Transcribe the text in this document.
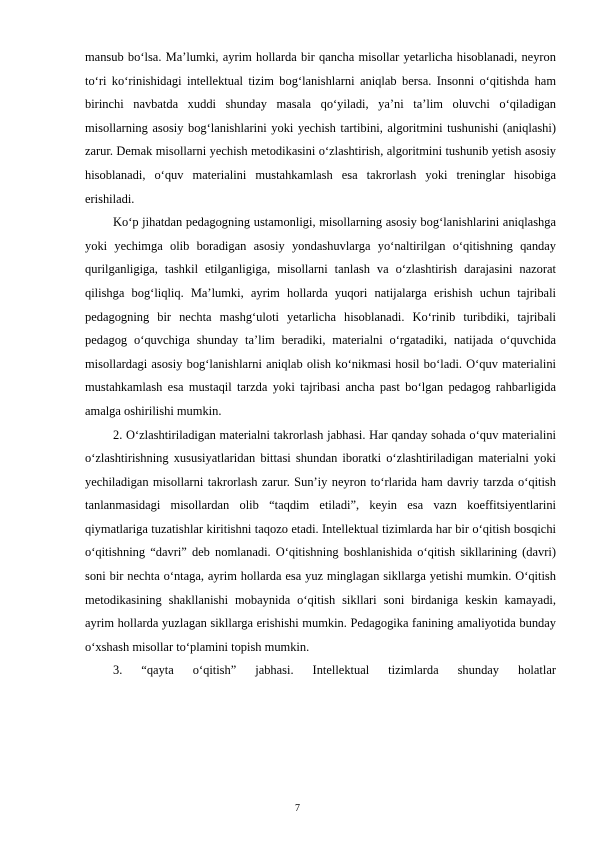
mansub bo‘lsa. Ma’lumki, ayrim hollarda bir qancha misollar yetarlicha hisoblanadi, neyron to‘ri ko‘rinishidagi intellektual tizim bog‘lanishlarni aniqlab bersa. Insonni o‘qitishda ham birinchi navbatda xuddi shunday masala qo‘yiladi, ya’ni ta’lim oluvchi o‘qiladigan misollarning asosiy bog‘lanishlarini yoki yechish tartibini, algoritmini tushunishi (aniqlashi) zarur. Demak misollarni yechish metodikasini o‘zlashtirish, algoritmini tushunib yetish asosiy hisoblanadi, o‘quv materialini mustahkamlash esa takrorlash yoki treninglar hisobiga erishiladi.

Ko‘p jihatdan pedagogning ustamonligi, misollarning asosiy bog‘lanishlarini aniqlashga yoki yechimga olib boradigan asosiy yondashuvlarga yo‘naltirilgan o‘qitishning qanday qurilganligiga, tashkil etilganligiga, misollarni tanlash va o‘zlashtirish darajasini nazorat qilishga bog‘liqliq. Ma’lumki, ayrim hollarda yuqori natijalarga erishish uchun tajribali pedagogning bir nechta mashg‘uloti yetarlicha hisoblanadi. Ko‘rinib turibdiki, tajribali pedagog o‘quvchiga shunday ta’lim beradiki, materialni o‘rgatadiki, natijada o‘quvchida misollardagi asosiy bog‘lanishlarni aniqlab olish ko‘nikmasi hosil bo‘ladi. O‘quv materialini mustahkamlash esa mustaqil tarzda yoki tajribasi ancha past bo‘lgan pedagog rahbarligida amalga oshirilishi mumkin.

2. O‘zlashtiriladigan materialni takrorlash jabhasi. Har qanday sohada o‘quv materialini o‘zlashtirishning xususiyatlaridan bittasi shundan iboratki o‘zlashtiriladigan materialni yoki yechiladigan misollarni takrorlash zarur. Sun’iy neyron to‘rlarida ham davriy tarzda o‘qitish tanlanmasidagi misollardan olib “taqdim etiladi”, keyin esa vazn koeffitsiyentlarini qiymatlariga tuzatishlar kiritishni taqozo etadi. Intellektual tizimlarda har bir o‘qitish bosqichi o‘qitishning “davri” deb nomlanadi. O‘qitishning boshlanishida o‘qitish sikllarining (davri) soni bir nechta o‘ntaga, ayrim hollarda esa yuz minglagan sikllarga yetishi mumkin. O‘qitish metodikasining shakllanishi mobaynida o‘qitish sikllari soni birdaniga keskin kamayadi, ayrim hollarda yuzlagan sikllarga erishishi mumkin. Pedagogika fanining amaliyotida bunday o‘xshash misollar to‘plamini topish mumkin.

3. “qayta o‘qitish” jabhasi. Intellektual tizimlarda shunday holatlar

7
